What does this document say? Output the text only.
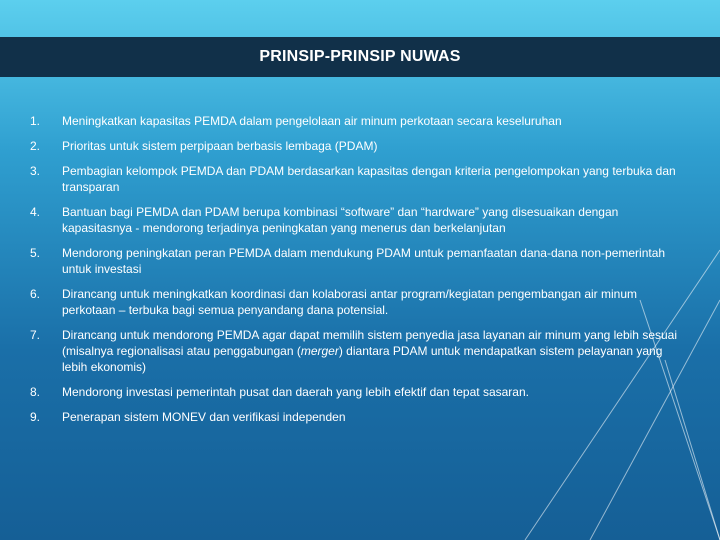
PRINSIP-PRINSIP NUWAS
1.	Meningkatkan kapasitas PEMDA dalam pengelolaan air minum perkotaan secara keseluruhan
2.	Prioritas untuk sistem perpipaan berbasis lembaga (PDAM)
3.	Pembagian kelompok PEMDA dan PDAM berdasarkan kapasitas dengan kriteria pengelompokan yang terbuka dan transparan
4.	Bantuan bagi PEMDA dan PDAM berupa kombinasi “software” dan “hardware” yang disesuaikan dengan kapasitasnya - mendorong terjadinya peningkatan yang menerus dan berkelanjutan
5.	Mendorong peningkatan peran PEMDA dalam mendukung PDAM untuk pemanfaatan dana-dana non-pemerintah untuk investasi
6.	Dirancang untuk meningkatkan koordinasi dan kolaborasi antar program/kegiatan pengembangan air minum perkotaan – terbuka bagi semua penyandang dana potensial.
7.	Dirancang untuk mendorong PEMDA agar dapat memilih sistem penyedia jasa layanan air minum yang lebih sesuai (misalnya regionalisasi atau penggabungan (merger) diantara PDAM untuk mendapatkan sistem pelayanan yang lebih ekonomis)
8.	Mendorong investasi pemerintah pusat dan daerah yang lebih efektif dan tepat sasaran.
9.	Penerapan sistem MONEV dan verifikasi independen
